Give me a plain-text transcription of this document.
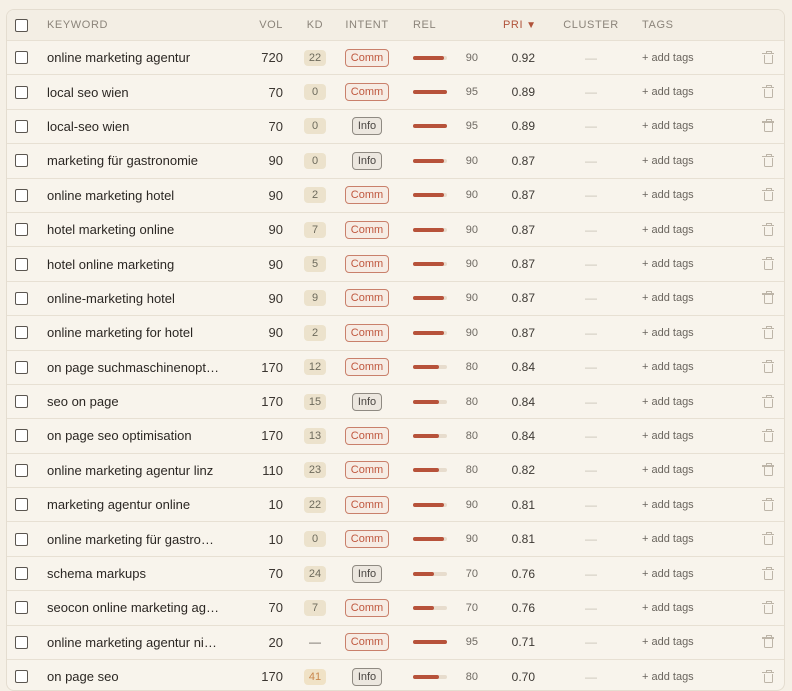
KEYWORD	VOL KD INTENT REL	PRI ▼ CLUSTER TAGS
online marketing agentur	720	22	Comm	90	0.92	—	+ add tags
local seo wien	70	0	Comm	95	0.89	—	+ add tags
local-seo wien	70	0	Info	95	0.89	—	+ add tags
marketing für gastronomie	90	0	Info	90	0.87	—	+ add tags
online marketing hotel	90	2	Comm	90	0.87	—	+ add tags
hotel marketing online	90	7	Comm	90	0.87	—	+ add tags
hotel online marketing	90	5	Comm	90	0.87	—	+ add tags
online-marketing hotel	90	9	Comm	90	0.87	—	+ add tags
online marketing for hotel	90	2	Comm	90	0.87	—	+ add tags
on page suchmaschinenopt…	170	12	Comm	80	0.84	—	+ add tags
seo on page	170	15	Info	80	0.84	—	+ add tags
on page seo optimisation	170	13	Comm	80	0.84	—	+ add tags
online marketing agentur linz	110	23	Comm	80	0.82	—	+ add tags
marketing agentur online	10	22	Comm	90	0.81	—	+ add tags
online marketing für gastro…	10	0	Comm	90	0.81	—	+ add tags
schema markups	70	24	Info	70	0.76	—	+ add tags
seocon online marketing ag…	70	7	Comm	70	0.76	—	+ add tags
online marketing agentur ni…	20 —	Comm	95	0.71	—	+ add tags
on page seo	170	41	Info	80	0.70	—	+ add tags
